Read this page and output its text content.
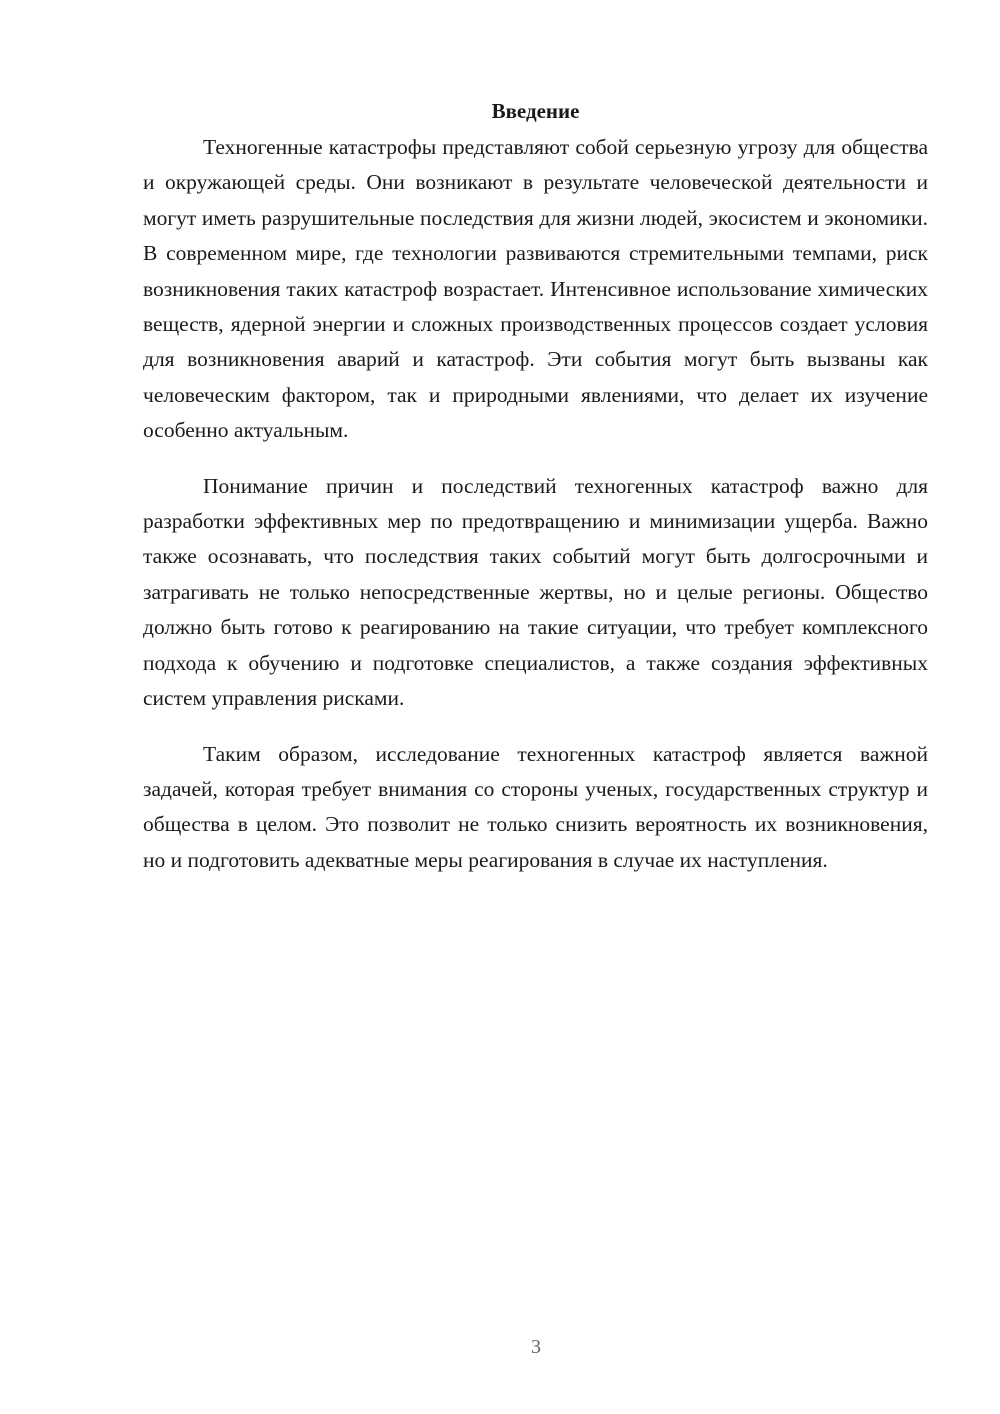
Введение

Техногенные катастрофы представляют собой серьезную угрозу для общества и окружающей среды. Они возникают в результате человеческой деятельности и могут иметь разрушительные последствия для жизни людей, экосистем и экономики. В современном мире, где технологии развиваются стремительными темпами, риск возникновения таких катастроф возрастает. Интенсивное использование химических веществ, ядерной энергии и сложных производственных процессов создает условия для возникновения аварий и катастроф. Эти события могут быть вызваны как человеческим фактором, так и природными явлениями, что делает их изучение особенно актуальным.

Понимание причин и последствий техногенных катастроф важно для разработки эффективных мер по предотвращению и минимизации ущерба. Важно также осознавать, что последствия таких событий могут быть долгосрочными и затрагивать не только непосредственные жертвы, но и целые регионы. Общество должно быть готово к реагированию на такие ситуации, что требует комплексного подхода к обучению и подготовке специалистов, а также создания эффективных систем управления рисками.

Таким образом, исследование техногенных катастроф является важной задачей, которая требует внимания со стороны ученых, государственных структур и общества в целом. Это позволит не только снизить вероятность их возникновения, но и подготовить адекватные меры реагирования в случае их наступления.

3
